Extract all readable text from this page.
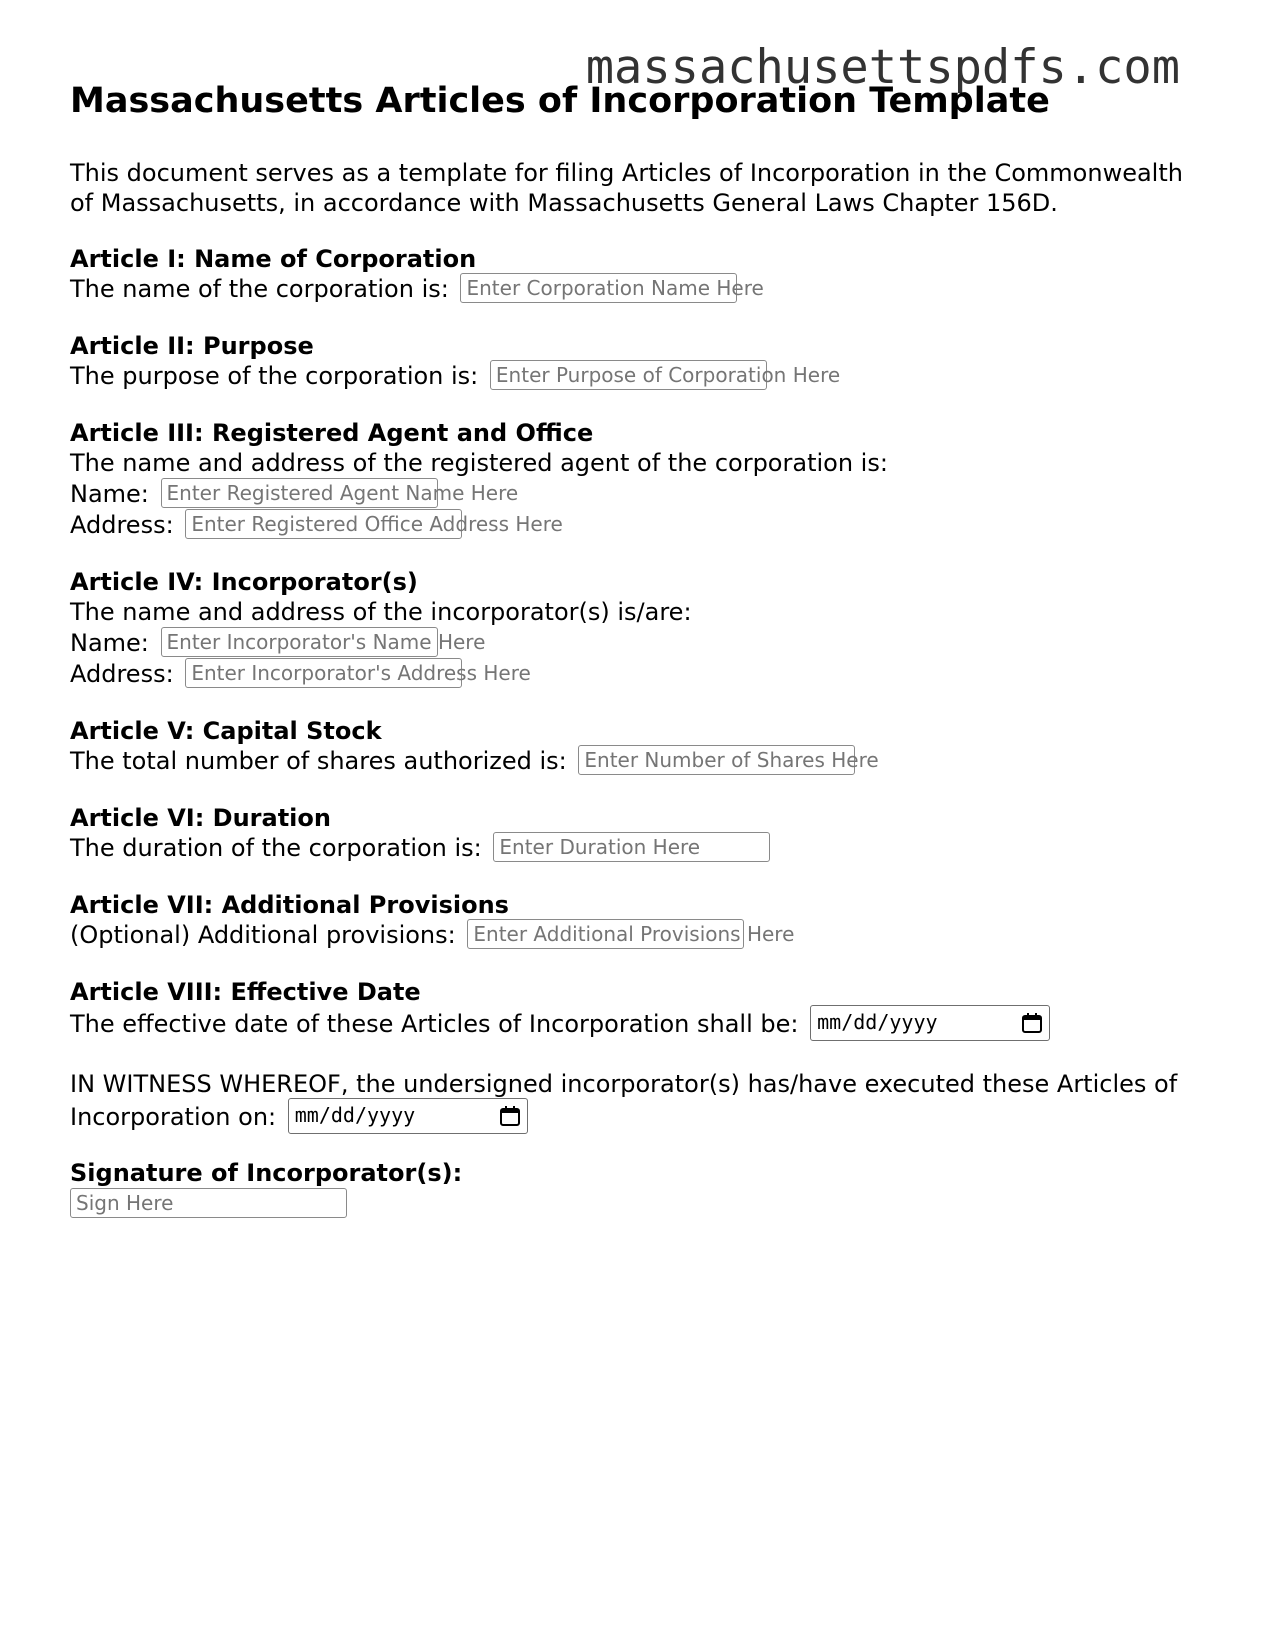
massachusettspdfs.com
Massachusetts Articles of Incorporation Template

This document serves as a template for filing Articles of Incorporation in the Commonwealth of Massachusetts, in accordance with Massachusetts General Laws Chapter 156D.

Article I: Name of Corporation

The name of the corporation is: Enter Corporation Name Here

Article II: Purpose

The purpose of the corporation is: Enter Purpose of Corporation Here

Article III: Registered Agent and Office

The name and address of the registered agent of the corporation is:

Name: Enter Registered Agent Name Here

Address: Enter Registered Office Address Here

Article IV: Incorporator(s)

The name and address of the incorporator(s) is/are:

Name: Enter Incorporator's Name Here

Address: Enter Incorporator's Address Here

Article V: Capital Stock

The total number of shares authorized is: Enter Number of Shares Here

Article VI: Duration

The duration of the corporation is: Enter Duration Here

Article VII: Additional Provisions

(Optional) Additional provisions: Enter Additional Provisions Here

Article VIII: Effective Date

The effective date of these Articles of Incorporation shall be: mm/dd/yyyy

IN WITNESS WHEREOF, the undersigned incorporator(s) has/have executed these Articles of Incorporation on: mm/dd/yyyy

Signature of Incorporator(s):
Sign Here
